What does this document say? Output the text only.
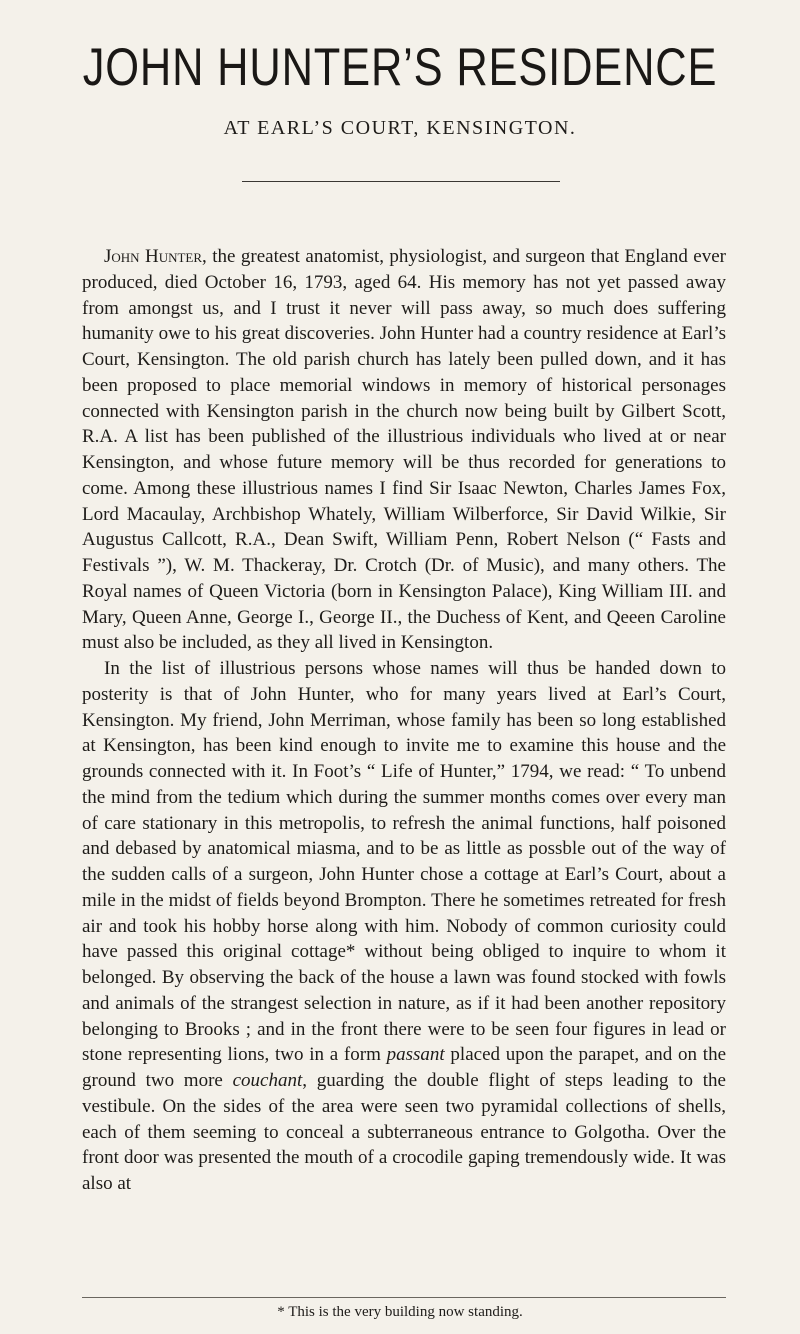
JOHN HUNTER’S RESIDENCE
AT EARL’S COURT, KENSINGTON.

John Hunter, the greatest anatomist, physiologist, and surgeon that England ever produced, died October 16, 1793, aged 64. His memory has not yet passed away from amongst us, and I trust it never will pass away, so much does suffering humanity owe to his great discoveries. John Hunter had a country residence at Earl’s Court, Kensington. The old parish church has lately been pulled down, and it has been proposed to place memorial windows in memory of historical personages connected with Kensington parish in the church now being built by Gilbert Scott, R.A. A list has been published of the illustrious individuals who lived at or near Kensington, and whose future memory will be thus recorded for generations to come. Among these illustrious names I find Sir Isaac Newton, Charles James Fox, Lord Macaulay, Archbishop Whately, William Wilberforce, Sir David Wilkie, Sir Augustus Callcott, R.A., Dean Swift, William Penn, Robert Nelson (“ Fasts and Festivals ”), W. M. Thackeray, Dr. Crotch (Dr. of Music), and many others. The Royal names of Queen Victoria (born in Kensington Palace), King William III. and Mary, Queen Anne, George I., George II., the Duchess of Kent, and Qeeen Caroline must also be included, as they all lived in Kensington.

In the list of illustrious persons whose names will thus be handed down to posterity is that of John Hunter, who for many years lived at Earl’s Court, Kensington. My friend, John Merriman, whose family has been so long established at Kensington, has been kind enough to invite me to examine this house and the grounds connected with it. In Foot’s “ Life of Hunter,” 1794, we read: “ To unbend the mind from the tedium which during the summer months comes over every man of care stationary in this metropolis, to refresh the animal functions, half poisoned and debased by anatomical miasma, and to be as little as possble out of the way of the sudden calls of a surgeon, John Hunter chose a cottage at Earl’s Court, about a mile in the midst of fields beyond Brompton. There he sometimes retreated for fresh air and took his hobby horse along with him. Nobody of common curiosity could have passed this original cottage* without being obliged to inquire to whom it belonged. By observing the back of the house a lawn was found stocked with fowls and animals of the strangest selection in nature, as if it had been another repository belonging to Brooks ; and in the front there were to be seen four figures in lead or stone representing lions, two in a form passant placed upon the parapet, and on the ground two more couchant, guarding the double flight of steps leading to the vestibule. On the sides of the area were seen two pyramidal collections of shells, each of them seeming to conceal a subterraneous entrance to Golgotha. Over the front door was presented the mouth of a crocodile gaping tremendously wide. It was also at

* This is the very building now standing.
